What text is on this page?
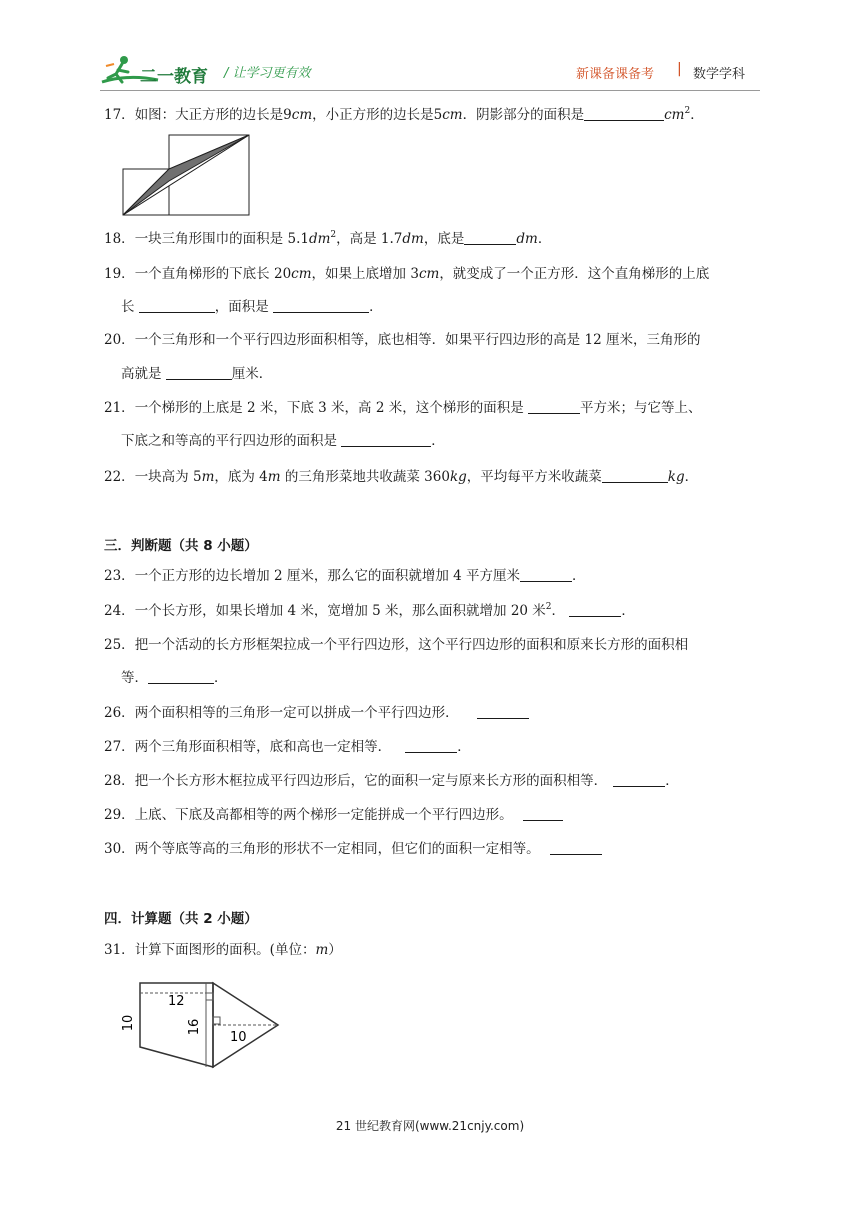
二一教育 / 让学习更有效	新课备课备考 | 数学学科
17．如图：大正方形的边长是9cm，小正方形的边长是5cm．阴影部分的面积是	$cm^2$．
18．一块三角形围巾的面积是 $5.1dm^2$，高是 1.7dm，底是	dm．
19．一个直角梯形的下底长 20cm，如果上底增加 3cm，就变成了一个正方形．这个直角梯形的上底
长	，面积是	．
20．一个三角形和一个平行四边形面积相等，底也相等．如果平行四边形的高是 12 厘米，三角形的
高就是	厘米．
21．一个梯形的上底是 2 米，下底 3 米，高 2 米，这个梯形的面积是	平方米；与它等上、
下底之和等高的平行四边形的面积是	．
22．一块高为 5m，底为 4m 的三角形菜地共收蔬菜 360kg，平均每平方米收蔬菜	kg．
三．判断题（共 8 小题）
23．一个正方形的边长增加 2 厘米，那么它的面积就增加 4 平方厘米	．
24．一个长方形，如果长增加 4 米，宽增加 5 米，那么面积就增加 20 米$^2$．	．
25．把一个活动的长方形框架拉成一个平行四边形，这个平行四边形的面积和原来长方形的面积相
等．	．
26．两个面积相等的三角形一定可以拼成一个平行四边形．
27．两个三角形面积相等，底和高也一定相等．	．
28．把一个长方形木框拉成平行四边形后，它的面积一定与原来长方形的面积相等．	．
29．上底、下底及高都相等的两个梯形一定能拼成一个平行四边形。
30．两个等底等高的三角形的形状不一定相同，但它们的面积一定相等。
四．计算题（共 2 小题）
31．计算下面图形的面积。(单位：m）
12
10	16
10
21 世纪教育网(www.21cnjy.com)
